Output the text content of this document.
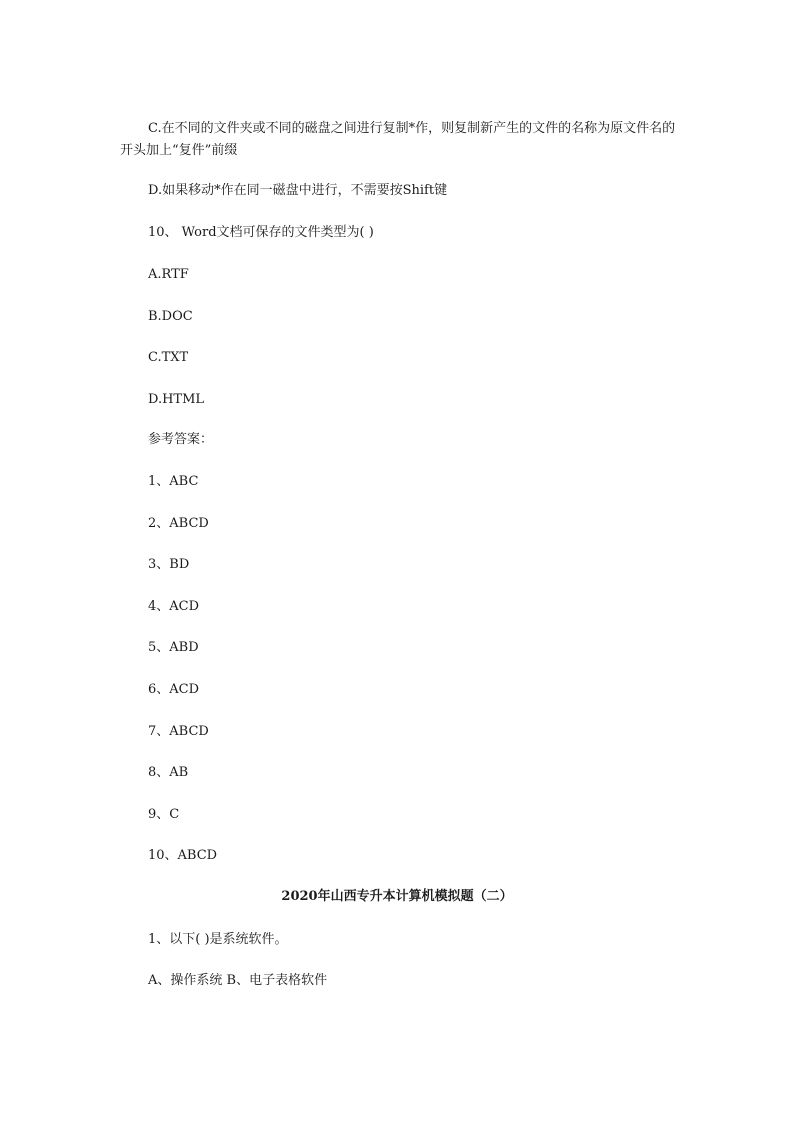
C.在不同的文件夹或不同的磁盘之间进行复制*作，则复制新产生的文件的名称为原文件名的开头加上“复件”前缀
D.如果移动*作在同一磁盘中进行，不需要按Shift键
10、 Word文档可保存的文件类型为( )
A.RTF
B.DOC
C.TXT
D.HTML
参考答案：
1、ABC
2、ABCD
3、BD
4、ACD
5、ABD
6、ACD
7、ABCD
8、AB
9、C
10、ABCD
2020年山西专升本计算机模拟题（二）
1、以下( )是系统软件。
A、操作系统 B、电子表格软件
